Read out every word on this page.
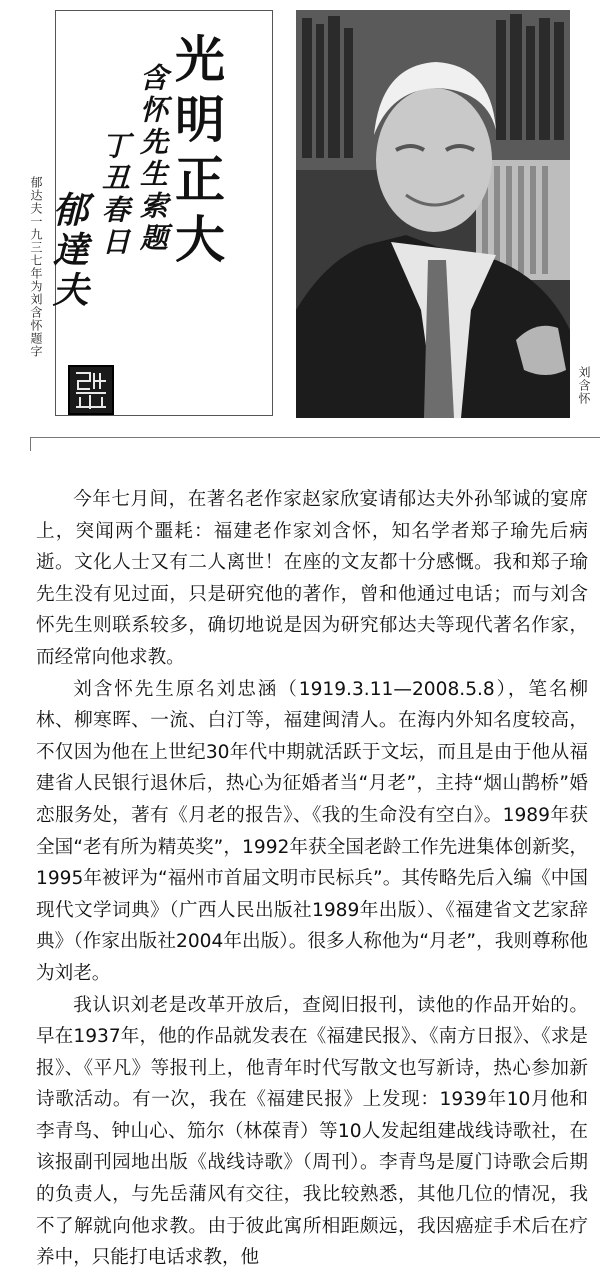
光明正大
含怀先生索题
丁丑春日
郁達夫
郁达夫一九三七年为刘含怀题字
刘含怀

今年七月间，在著名老作家赵家欣宴请郁达夫外孙邹诚的宴席上，突闻两个噩耗：福建老作家刘含怀，知名学者郑子瑜先后病逝。文化人士又有二人离世！在座的文友都十分感慨。我和郑子瑜先生没有见过面，只是研究他的著作，曾和他通过电话；而与刘含怀先生则联系较多，确切地说是因为研究郁达夫等现代著名作家，而经常向他求教。

刘含怀先生原名刘忠涵（1919.3.11—2008.5.8），笔名柳林、柳寒晖、一流、白汀等，福建闽清人。在海内外知名度较高，不仅因为他在上世纪30年代中期就活跃于文坛，而且是由于他从福建省人民银行退休后，热心为征婚者当“月老”，主持“烟山鹊桥”婚恋服务处，著有《月老的报告》、《我的生命没有空白》。1989年获全国“老有所为精英奖”，1992年获全国老龄工作先进集体创新奖，1995年被评为“福州市首届文明市民标兵”。其传略先后入编《中国现代文学词典》（广西人民出版社1989年出版）、《福建省文艺家辞典》（作家出版社2004年出版）。很多人称他为“月老”，我则尊称他为刘老。

我认识刘老是改革开放后，查阅旧报刊，读他的作品开始的。早在1937年，他的作品就发表在《福建民报》、《南方日报》、《求是报》、《平凡》等报刊上，他青年时代写散文也写新诗，热心参加新诗歌活动。有一次，我在《福建民报》上发现：1939年10月他和李青鸟、钟山心、笳尔（林葆青）等10人发起组建战线诗歌社，在该报副刊园地出版《战线诗歌》（周刊）。李青鸟是厦门诗歌会后期的负责人，与先岳蒲风有交往，我比较熟悉，其他几位的情况，我不了解就向他求教。由于彼此寓所相距颇远，我因癌症手术后在疗养中，只能打电话求教，他
